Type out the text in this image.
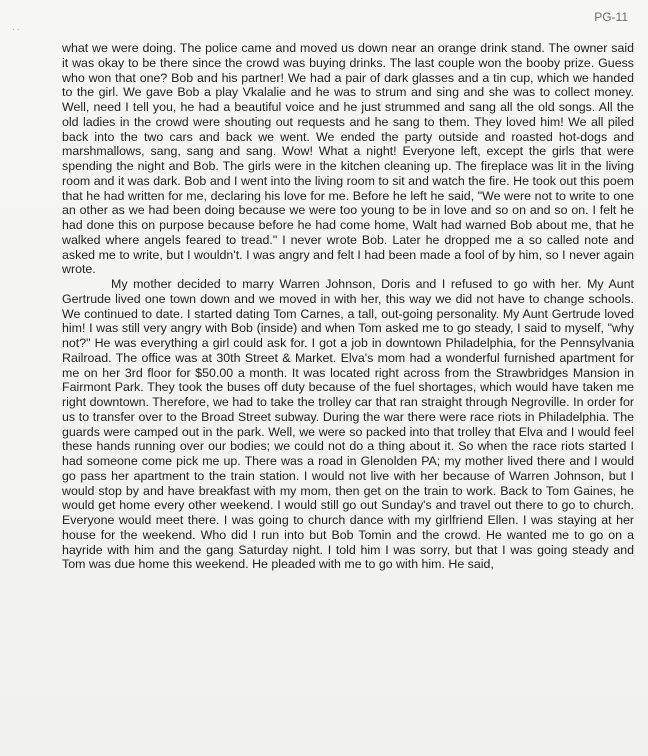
PG-11
· ·

what we were doing. The police came and moved us down near an orange drink stand. The owner said it was okay to be there since the crowd was buying drinks. The last couple won the booby prize. Guess who won that one? Bob and his partner! We had a pair of dark glasses and a tin cup, which we handed to the girl. We gave Bob a play Vkalalie and he was to strum and sing and she was to collect money. Well, need I tell you, he had a beautiful voice and he just strummed and sang all the old songs. All the old ladies in the crowd were shouting out requests and he sang to them. They loved him! We all piled back into the two cars and back we went. We ended the party outside and roasted hot-dogs and marshmallows, sang, sang and sang. Wow! What a night! Everyone left, except the girls that were spending the night and Bob. The girls were in the kitchen cleaning up. The fireplace was lit in the living room and it was dark. Bob and I went into the living room to sit and watch the fire. He took out this poem that he had written for me, declaring his love for me. Before he left he said, "We were not to write to one an other as we had been doing because we were too young to be in love and so on and so on. I felt he had done this on purpose because before he had come home, Walt had warned Bob about me, that he walked where angels feared to tread." I never wrote Bob. Later he dropped me a so called note and asked me to write, but I wouldn't. I was angry and felt I had been made a fool of by him, so I never again wrote.

My mother decided to marry Warren Johnson, Doris and I refused to go with her. My Aunt Gertrude lived one town down and we moved in with her, this way we did not have to change schools. We continued to date. I started dating Tom Carnes, a tall, out-going personality. My Aunt Gertrude loved him! I was still very angry with Bob (inside) and when Tom asked me to go steady, I said to myself, "why not?" He was everything a girl could ask for. I got a job in downtown Philadelphia, for the Pennsylvania Railroad. The office was at 30th Street & Market. Elva's mom had a wonderful furnished apartment for me on her 3rd floor for $50.00 a month. It was located right across from the Strawbridges Mansion in Fairmont Park. They took the buses off duty because of the fuel shortages, which would have taken me right downtown. Therefore, we had to take the trolley car that ran straight through Negroville. In order for us to transfer over to the Broad Street subway. During the war there were race riots in Philadelphia. The guards were camped out in the park. Well, we were so packed into that trolley that Elva and I would feel these hands running over our bodies; we could not do a thing about it. So when the race riots started I had someone come pick me up. There was a road in Glenolden PA; my mother lived there and I would go pass her apartment to the train station. I would not live with her because of Warren Johnson, but I would stop by and have breakfast with my mom, then get on the train to work. Back to Tom Gaines, he would get home every other weekend. I would still go out Sunday's and travel out there to go to church. Everyone would meet there. I was going to church dance with my girlfriend Ellen. I was staying at her house for the weekend. Who did I run into but Bob Tomin and the crowd. He wanted me to go on a hayride with him and the gang Saturday night. I told him I was sorry, but that I was going steady and Tom was due home this weekend. He pleaded with me to go with him. He said,
